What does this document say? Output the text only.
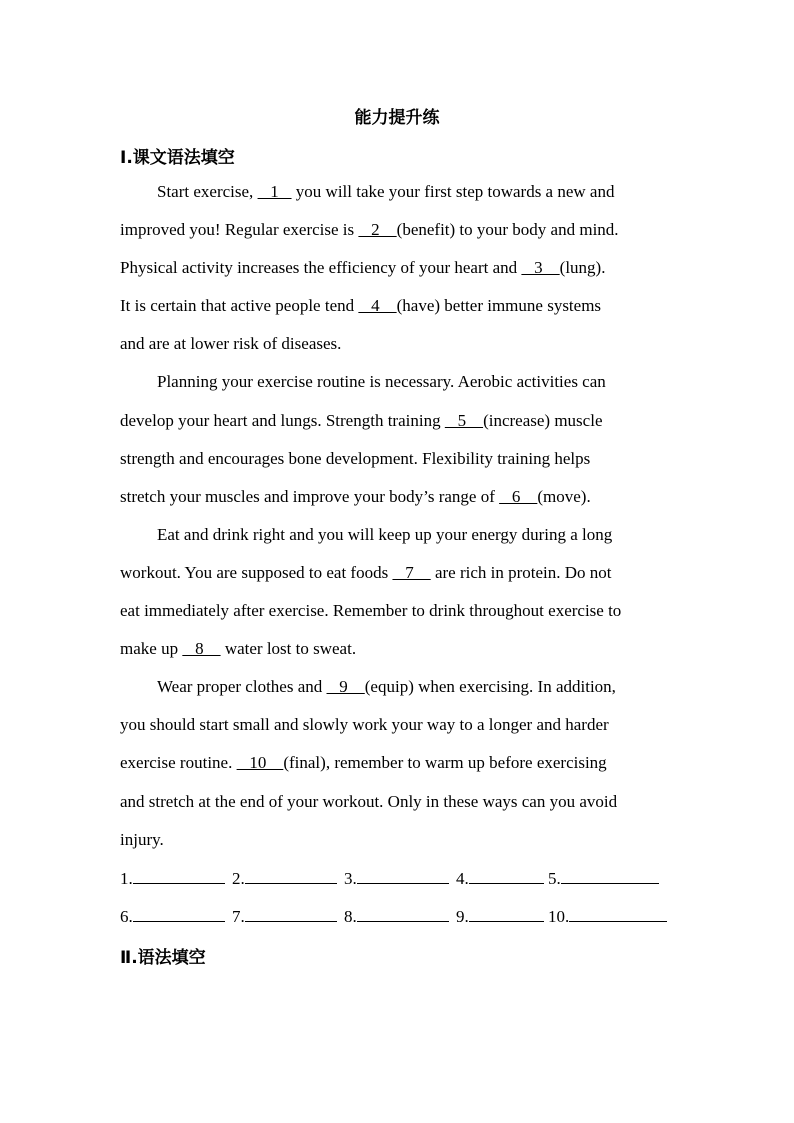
能力提升练
Ⅰ.课文语法填空
Start exercise,    1    you will take your first step towards a new and
improved you! Regular exercise is    2    (benefit) to your body and mind.
Physical activity increases the efficiency of your heart and    3    (lung).
It is certain that active people tend    4    (have) better immune systems
and are at lower risk of diseases.
Planning your exercise routine is necessary. Aerobic activities can
develop your heart and lungs. Strength training    5    (increase) muscle
strength and encourages bone development. Flexibility training helps
stretch your muscles and improve your body’s range of    6    (move).
Eat and drink right and you will keep up your energy during a long
workout. You are supposed to eat foods    7     are rich in protein. Do not
eat immediately after exercise. Remember to drink throughout exercise to
make up    8     water lost to sweat.
Wear proper clothes and    9    (equip) when exercising. In addition,
you should start small and slowly work your way to a longer and harder
exercise routine.    10    (final), remember to warm up before exercising
and stretch at the end of your workout. Only in these ways can you avoid
injury.
1.	2.	3.	4.	5.
6.	7.	8.	9.	10.
Ⅱ.语法填空
